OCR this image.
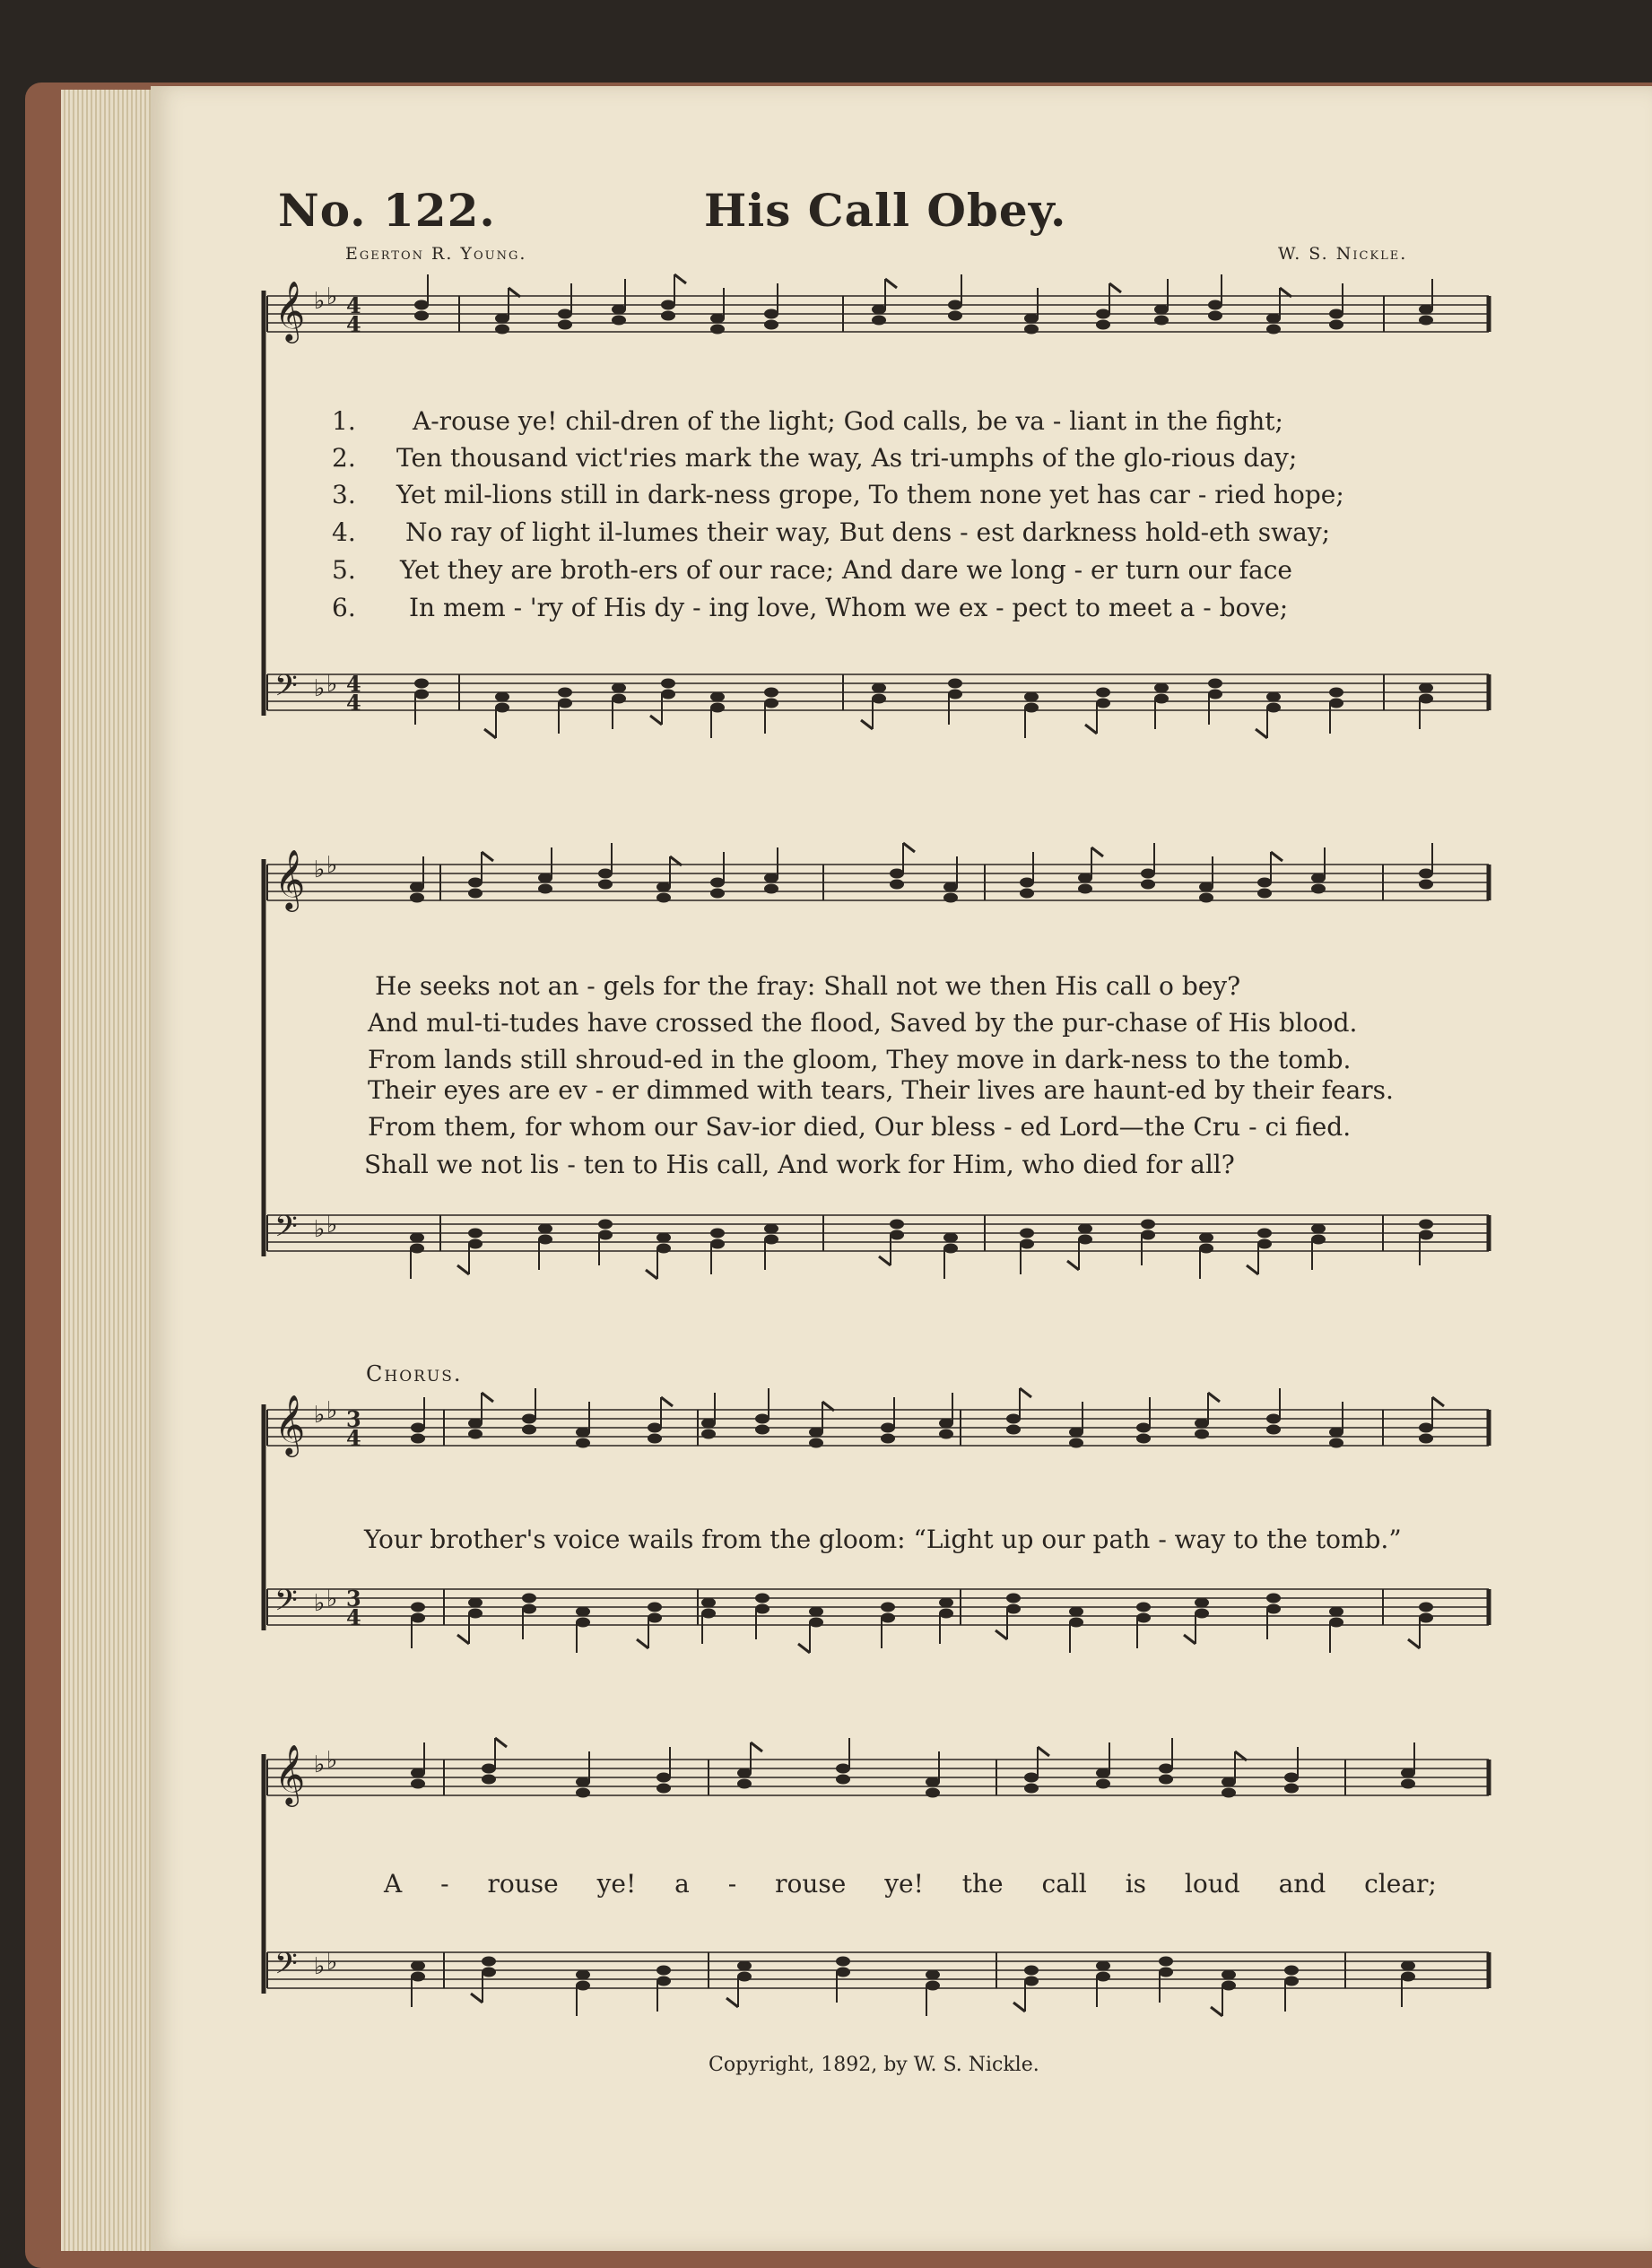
No. 122.	His Call Obey.
Egerton R. Young.	W. S. Nickle.
𝄞 ♭ ♭ 4
4
𝄢 ♭ ♭ 4
4
𝄞 ♭ ♭
𝄢 ♭ ♭
𝄞 ♭ ♭ 3
4
𝄢 ♭ ♭ 3
4
𝄞 ♭ ♭
𝄢 ♭ ♭
1. A-rouse ye! chil-dren of the light; God calls, be va - liant in the fight;
2. Ten thousand vict'ries mark the way, As tri-umphs of the glo-rious day;
3. Yet mil-lions still in dark-ness grope, To them none yet has car - ried hope;
4. No ray of light il-lumes their way, But dens - est darkness hold-eth sway;
5. Yet they are broth-ers of our race; And dare we long - er turn our face
6. In mem - 'ry of His dy - ing love, Whom we ex - pect to meet a - bove;
He seeks not an - gels for the fray: Shall not we then His call o bey?
And mul-ti-tudes have crossed the flood, Saved by the pur-chase of His blood.
From lands still shroud-ed in the gloom, They move in dark-ness to the tomb.
Their eyes are ev - er dimmed with tears, Their lives are haunt-ed by their fears.
From them, for whom our Sav-ior died, Our bless - ed Lord—the Cru - ci fied.
Shall we not lis - ten to His call, And work for Him, who died for all?
Chorus.
Your brother's voice wails from the gloom: “Light up our path - way to the tomb.”
A - rouse ye! a - rouse ye! the call is loud and clear;
Copyright, 1892, by W. S. Nickle.
